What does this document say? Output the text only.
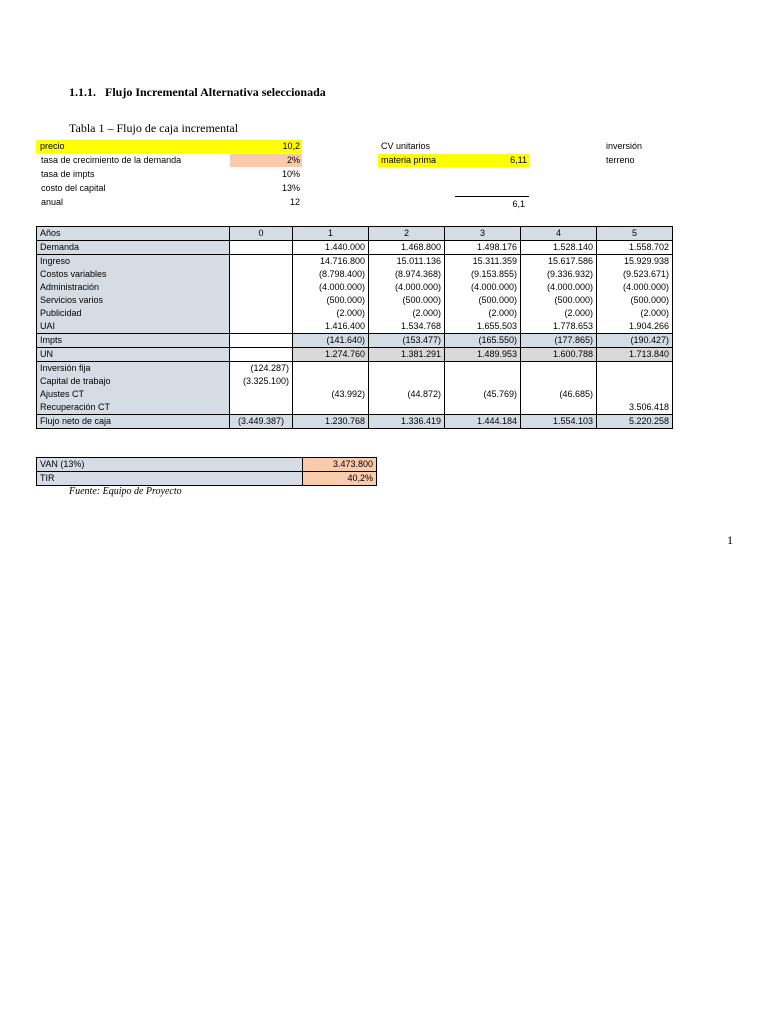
1.1.1. Flujo Incremental Alternativa seleccionada
Tabla 1 – Flujo de caja incremental
precio	10,2
tasa de crecimiento de la demanda	2%
tasa de impts	10%
costo del capital	13%
anual	12
CV unitarios
materia prima	6,11
6,1
inversión
terreno
Años	0	1	2	3	4	5
Demanda		1.440.000	1.468.800	1.498.176	1.528.140	1.558.702
Ingreso		14.716.800	15.011.136	15.311.359	15.617.586	15.929.938
Costos variables		(8.798.400)	(8.974.368)	(9.153.855)	(9.336.932)	(9.523.671)
Administración		(4.000.000)	(4.000.000)	(4.000.000)	(4.000.000)	(4.000.000)
Servicios varios		(500.000)	(500.000)	(500.000)	(500.000)	(500.000)
Publicidad		(2.000)	(2.000)	(2.000)	(2.000)	(2.000)
UAI		1.416.400	1.534.768	1.655.503	1.778.653	1.904.266
Impts		(141.640)	(153.477)	(165.550)	(177.865)	(190.427)
UN		1.274.760	1.381.291	1.489.953	1.600.788	1.713.840
Inversión fija	(124.287)					
Capital de trabajo	(3.325.100)					
Ajustes CT		(43.992)	(44.872)	(45.769)	(46.685)	
Recuperación CT						3.506.418
Flujo neto de caja	(3.449.387)	1.230.768	1.336.419	1.444.184	1.554.103	5.220.258
VAN (13%)	3.473.800
TIR	40,2%
Fuente: Equipo de Proyecto
1
